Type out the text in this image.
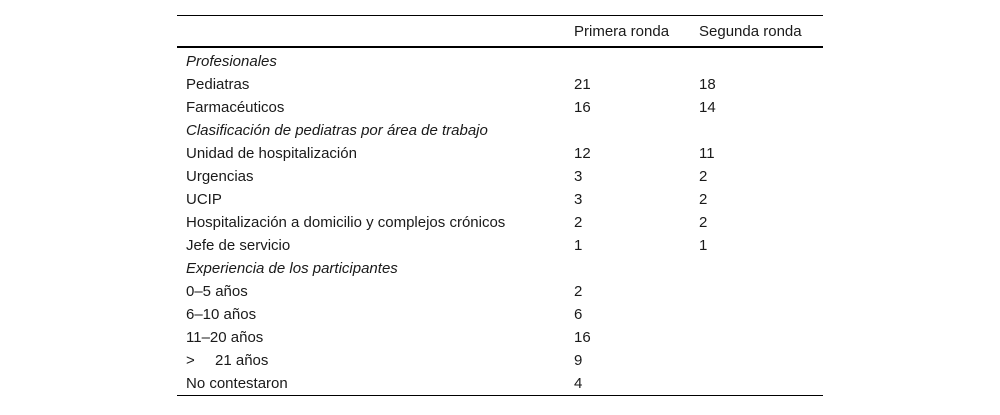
	Primera ronda	Segunda ronda
Profesionales		
Pediatras	21	18
Farmacéuticos	16	14
Clasificación de pediatras por área de trabajo		
Unidad de hospitalización	12	11
Urgencias	3	2
UCIP	3	2
Hospitalización a domicilio y complejos crónicos	2	2
Jefe de servicio	1	1
Experiencia de los participantes		
0–5 años	2	
6–10 años	6	
11–20 años	16	
> 21 años	9	
No contestaron	4	
